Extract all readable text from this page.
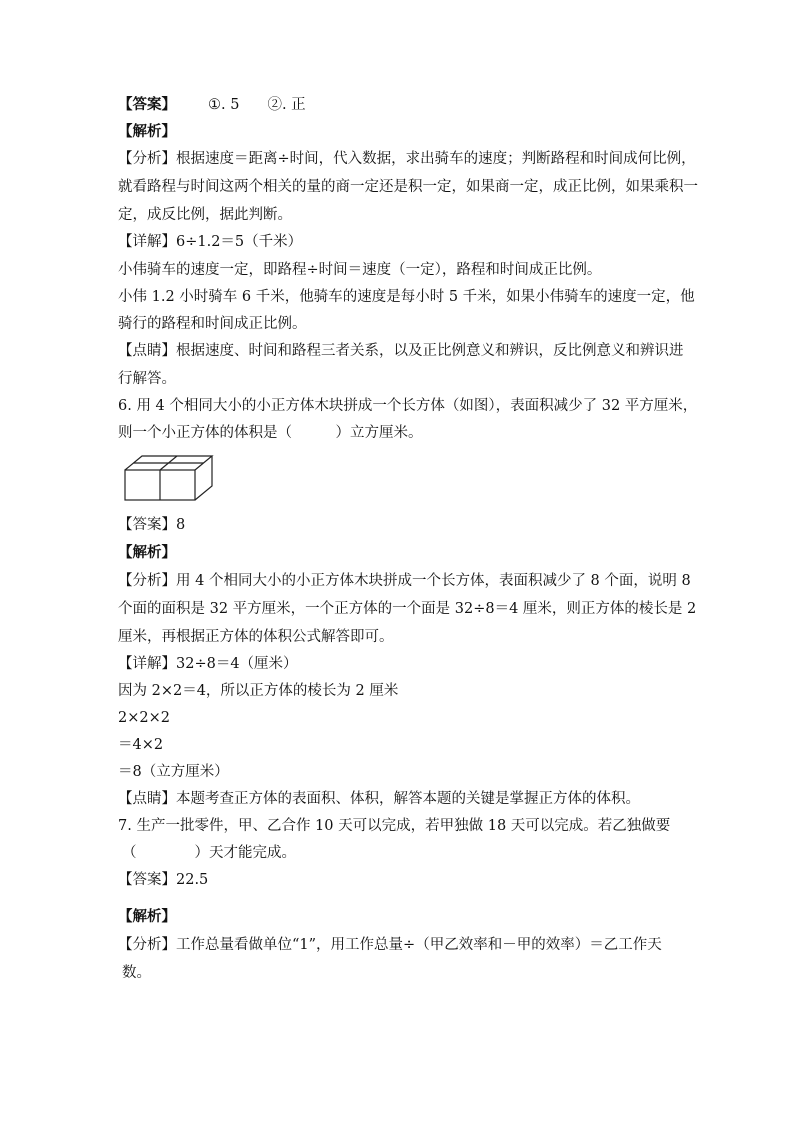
【答案】 ①. 5 ②. 正
【解析】
【分析】根据速度＝距离÷时间，代入数据，求出骑车的速度；判断路程和时间成何比例，
就看路程与时间这两个相关的量的商一定还是积一定，如果商一定，成正比例，如果乘积一
定，成反比例，据此判断。
【详解】6÷1.2＝5（千米）
小伟骑车的速度一定，即路程÷时间＝速度（一定），路程和时间成正比例。
小伟 1.2 小时骑车 6 千米，他骑车的速度是每小时 5 千米，如果小伟骑车的速度一定，他
骑行的路程和时间成正比例。
【点睛】根据速度、时间和路程三者关系，以及正比例意义和辨识，反比例意义和辨识进
行解答。
6. 用 4 个相同大小的小正方体木块拼成一个长方体（如图），表面积减少了 32 平方厘米，
则一个小正方体的体积是（　　　）立方厘米。
【答案】8
【解析】
【分析】用 4 个相同大小的小正方体木块拼成一个长方体，表面积减少了 8 个面，说明 8
个面的面积是 32 平方厘米，一个正方体的一个面是 32÷8＝4 厘米，则正方体的棱长是 2
厘米，再根据正方体的体积公式解答即可。
【详解】32÷8＝4（厘米）
因为 2×2＝4，所以正方体的棱长为 2 厘米
2×2×2
＝4×2
＝8（立方厘米）
【点睛】本题考查正方体的表面积、体积，解答本题的关键是掌握正方体的体积。
7. 生产一批零件，甲、乙合作 10 天可以完成，若甲独做 18 天可以完成。若乙独做要
（　　　　）天才能完成。
【答案】22.5
【解析】
【分析】工作总量看做单位“1”，用工作总量÷（甲乙效率和－甲的效率）＝乙工作天
数。
